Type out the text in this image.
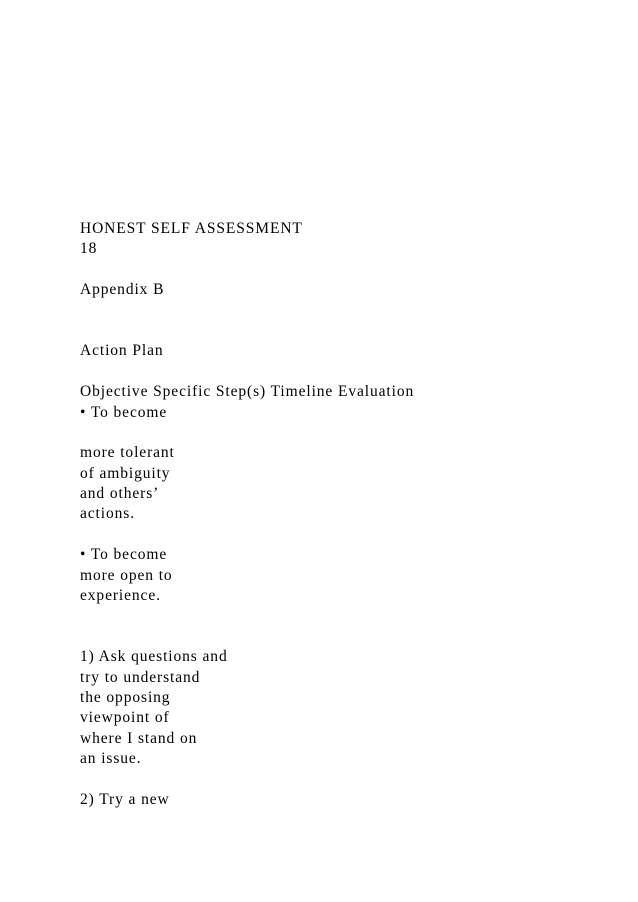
HONEST SELF ASSESSMENT
18
Appendix B
Action Plan
Objective Specific Step(s) Timeline Evaluation
• To become
more tolerant
of ambiguity
and others’
actions.
• To become
more open to
experience.
1) Ask questions and
try to understand
the opposing
viewpoint of
where I stand on
an issue.
2) Try a new
